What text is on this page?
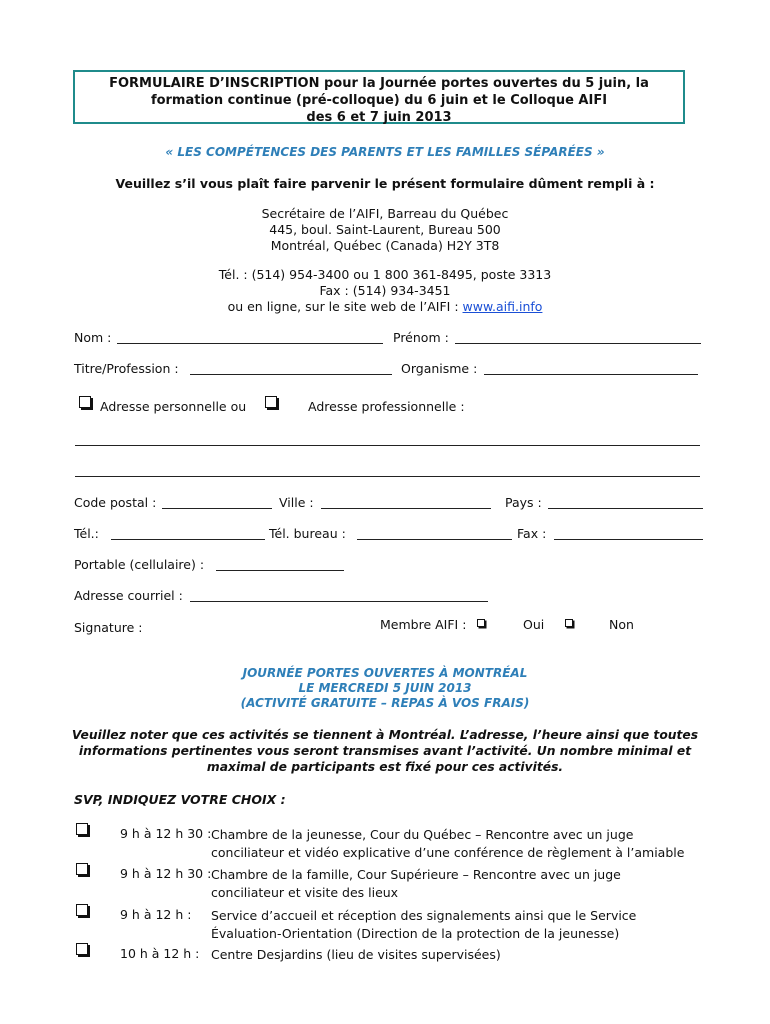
FORMULAIRE D’INSCRIPTION pour la Journée portes ouvertes du 5 juin, la
formation continue (pré-colloque) du 6 juin et le Colloque AIFI
des 6 et 7 juin 2013
« LES COMPÉTENCES DES PARENTS ET LES FAMILLES SÉPARÉES »
Veuillez s’il vous plaît faire parvenir le présent formulaire dûment rempli à :
Secrétaire de l’AIFI, Barreau du Québec
445, boul. Saint-Laurent, Bureau 500
Montréal, Québec (Canada) H2Y 3T8
Tél. : (514) 954-3400 ou 1 800 361-8495, poste 3313
Fax : (514) 934-3451
ou en ligne, sur le site web de l’AIFI : www.aifi.info
Nom :	Prénom :
Titre/Profession :	Organisme :
Adresse personnelle ou	Adresse professionnelle :
Code postal :	Ville :	Pays :
Tél.:	Tél. bureau :	Fax :
Portable (cellulaire) :
Adresse courriel :
Signature :	Membre AIFI :	Oui	Non
JOURNÉE PORTES OUVERTES À MONTRÉAL
LE MERCREDI 5 JUIN 2013
(ACTIVITÉ GRATUITE – REPAS À VOS FRAIS)
Veuillez noter que ces activités se tiennent à Montréal. L’adresse, l’heure ainsi que toutes
informations pertinentes vous seront transmises avant l’activité. Un nombre minimal et
maximal de participants est fixé pour ces activités.
SVP, INDIQUEZ VOTRE CHOIX :
9 h à 12 h 30 : Chambre de la jeunesse, Cour du Québec – Rencontre avec un juge
conciliateur et vidéo explicative d’une conférence de règlement à l’amiable
9 h à 12 h 30 : Chambre de la famille, Cour Supérieure – Rencontre avec un juge
conciliateur et visite des lieux
9 h à 12 h : Service d’accueil et réception des signalements ainsi que le Service
Évaluation-Orientation (Direction de la protection de la jeunesse)
10 h à 12 h : Centre Desjardins (lieu de visites supervisées)
